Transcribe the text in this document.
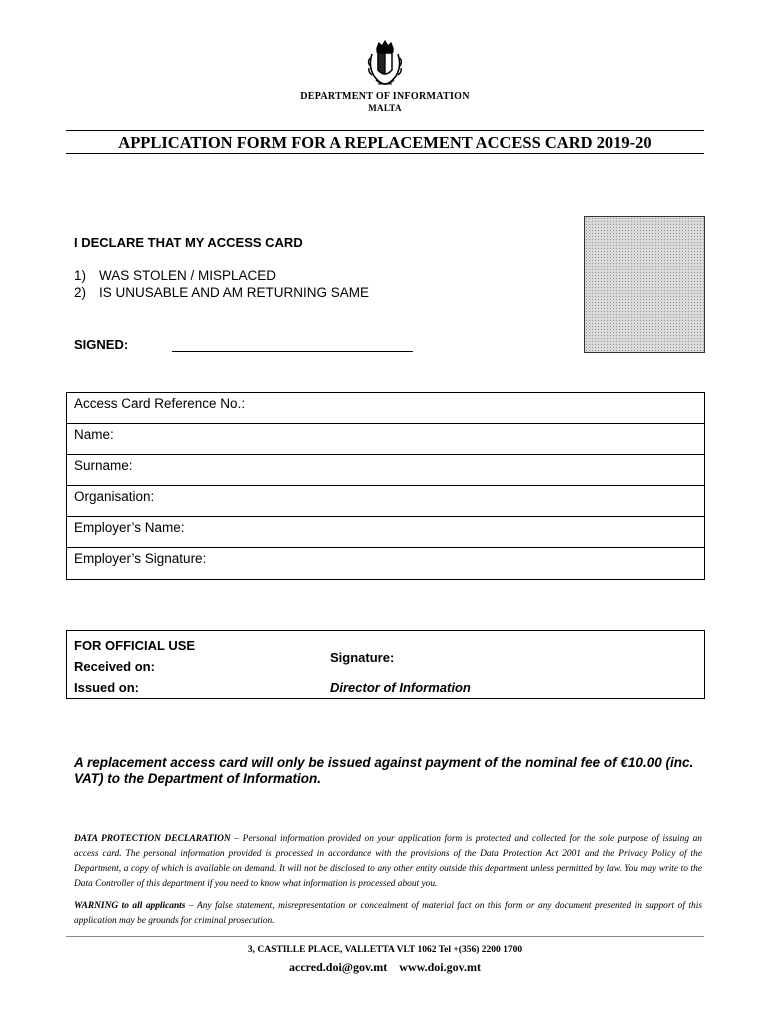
DEPARTMENT OF INFORMATION
MALTA
APPLICATION FORM FOR A REPLACEMENT ACCESS CARD 2019-20
I DECLARE THAT MY ACCESS CARD
1) WAS STOLEN / MISPLACED
2) IS UNUSABLE AND AM RETURNING SAME
SIGNED:
Access Card Reference No.:
Name:
Surname:
Organisation:
Employer’s Name:
Employer’s Signature:
FOR OFFICIAL USE
Received on:
Issued on:
Signature:
Director of Information
A replacement access card will only be issued against payment of the nominal fee of €10.00 (inc. VAT) to the Department of Information.
DATA PROTECTION DECLARATION – Personal information provided on your application form is protected and collected for the sole purpose of issuing an access card. The personal information provided is processed in accordance with the provisions of the Data Protection Act 2001 and the Privacy Policy of the Department, a copy of which is available on demand. It will not be disclosed to any other entity outside this department unless permitted by law. You may write to the Data Controller of this department if you need to know what information is processed about you.
WARNING to all applicants – Any false statement, misrepresentation or concealment of material fact on this form or any document presented in support of this application may be grounds for criminal prosecution.
3, CASTILLE PLACE, VALLETTA VLT 1062 Tel +(356) 2200 1700
accred.doi@gov.mt www.doi.gov.mt
